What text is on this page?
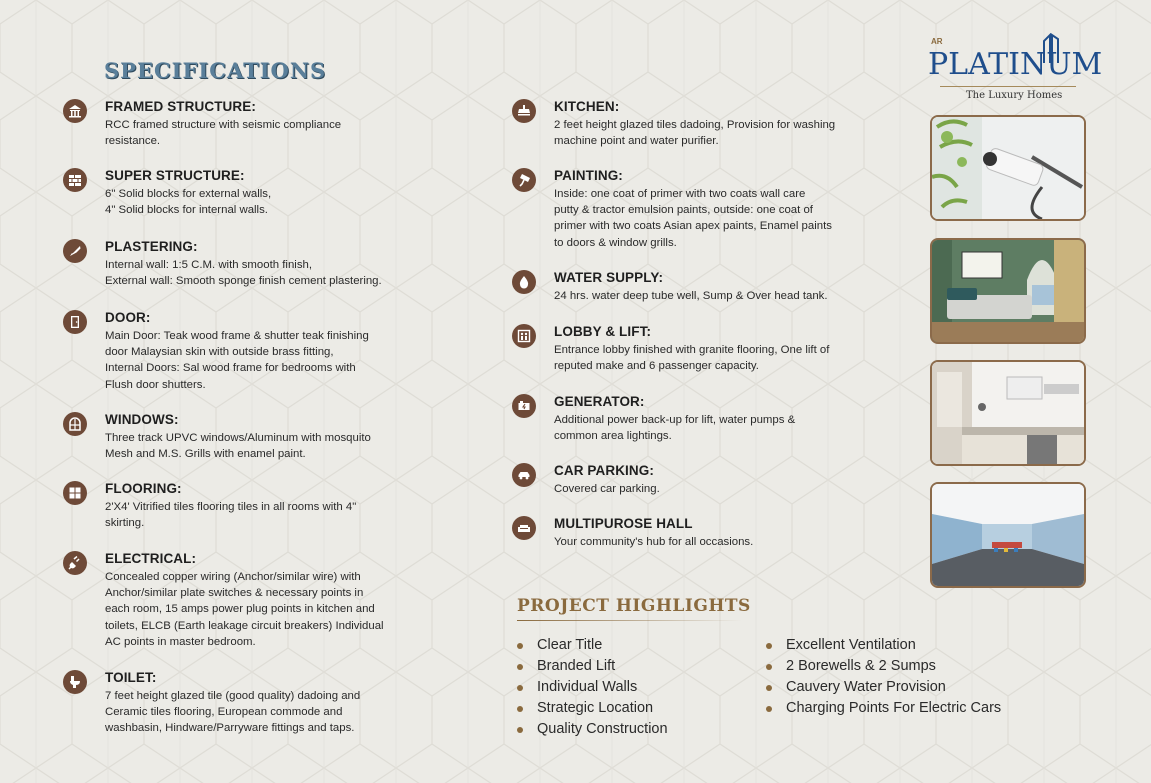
SPECIFICATIONS
FRAMED STRUCTURE:

RCC framed structure with seismic compliance
resistance.

SUPER STRUCTURE:

6" Solid blocks for external walls,
4" Solid blocks for internal walls.

PLASTERING:

Internal wall: 1:5 C.M. with smooth finish,
External wall: Smooth sponge finish cement plastering.

DOOR:

Main Door: Teak wood frame & shutter teak finishing
door Malaysian skin with outside brass fitting,
Internal Doors: Sal wood frame for bedrooms with
Flush door shutters.

WINDOWS:

Three track UPVC windows/Aluminum with mosquito
Mesh and M.S. Grills with enamel paint.

FLOORING:

2'X4' Vitrified tiles flooring tiles in all rooms with 4"
skirting.

ELECTRICAL:

Concealed copper wiring (Anchor/similar wire) with
Anchor/similar plate switches & necessary points in
each room, 15 amps power plug points in kitchen and
toilets, ELCB (Earth leakage circuit breakers) Individual
AC points in master bedroom.

TOILET:

7 feet height glazed tile (good quality) dadoing and
Ceramic tiles flooring, European commode and
washbasin, Hindware/Parryware fittings and taps.

KITCHEN:

2 feet height glazed tiles dadoing, Provision for washing
machine point and water purifier.

PAINTING:

Inside: one coat of primer with two coats wall care
putty & tractor emulsion paints, outside: one coat of
primer with two coats Asian apex paints, Enamel paints
to doors & window grills.

WATER SUPPLY:

24 hrs. water deep tube well, Sump & Over head tank.

LOBBY & LIFT:

Entrance lobby finished with granite flooring, One lift of
reputed make and 6 passenger capacity.

GENERATOR:

Additional power back-up for lift, water pumps &
common area lightings.

CAR PARKING:

Covered car parking.

MULTIPUROSE HALL

Your community's hub for all occasions.

AR
PLATINUM
The Luxury Homes
PROJECT HIGHLIGHTS
Clear Title
Branded Lift
Individual Walls
Strategic Location
Quality Construction
Excellent Ventilation
2 Borewells & 2 Sumps
Cauvery Water Provision
Charging Points For Electric Cars
